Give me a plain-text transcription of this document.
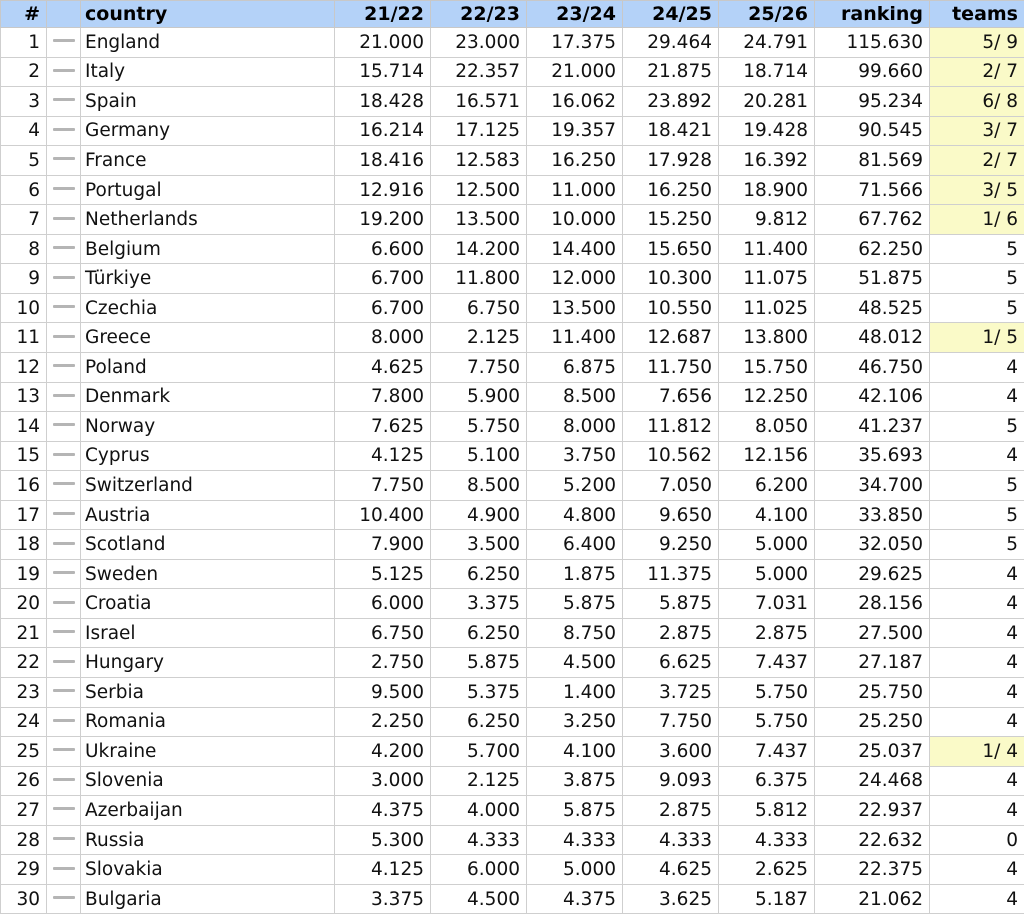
#		country	21/22	22/23	23/24	24/25	25/26	ranking	teams
1		England	21.000	23.000	17.375	29.464	24.791	115.630	5/ 9
2		Italy	15.714	22.357	21.000	21.875	18.714	99.660	2/ 7
3		Spain	18.428	16.571	16.062	23.892	20.281	95.234	6/ 8
4		Germany	16.214	17.125	19.357	18.421	19.428	90.545	3/ 7
5		France	18.416	12.583	16.250	17.928	16.392	81.569	2/ 7
6		Portugal	12.916	12.500	11.000	16.250	18.900	71.566	3/ 5
7		Netherlands	19.200	13.500	10.000	15.250	9.812	67.762	1/ 6
8		Belgium	6.600	14.200	14.400	15.650	11.400	62.250	5
9		Türkiye	6.700	11.800	12.000	10.300	11.075	51.875	5
10		Czechia	6.700	6.750	13.500	10.550	11.025	48.525	5
11		Greece	8.000	2.125	11.400	12.687	13.800	48.012	1/ 5
12		Poland	4.625	7.750	6.875	11.750	15.750	46.750	4
13		Denmark	7.800	5.900	8.500	7.656	12.250	42.106	4
14		Norway	7.625	5.750	8.000	11.812	8.050	41.237	5
15		Cyprus	4.125	5.100	3.750	10.562	12.156	35.693	4
16		Switzerland	7.750	8.500	5.200	7.050	6.200	34.700	5
17		Austria	10.400	4.900	4.800	9.650	4.100	33.850	5
18		Scotland	7.900	3.500	6.400	9.250	5.000	32.050	5
19		Sweden	5.125	6.250	1.875	11.375	5.000	29.625	4
20		Croatia	6.000	3.375	5.875	5.875	7.031	28.156	4
21		Israel	6.750	6.250	8.750	2.875	2.875	27.500	4
22		Hungary	2.750	5.875	4.500	6.625	7.437	27.187	4
23		Serbia	9.500	5.375	1.400	3.725	5.750	25.750	4
24		Romania	2.250	6.250	3.250	7.750	5.750	25.250	4
25		Ukraine	4.200	5.700	4.100	3.600	7.437	25.037	1/ 4
26		Slovenia	3.000	2.125	3.875	9.093	6.375	24.468	4
27		Azerbaijan	4.375	4.000	5.875	2.875	5.812	22.937	4
28		Russia	5.300	4.333	4.333	4.333	4.333	22.632	0
29		Slovakia	4.125	6.000	5.000	4.625	2.625	22.375	4
30		Bulgaria	3.375	4.500	4.375	3.625	5.187	21.062	4
